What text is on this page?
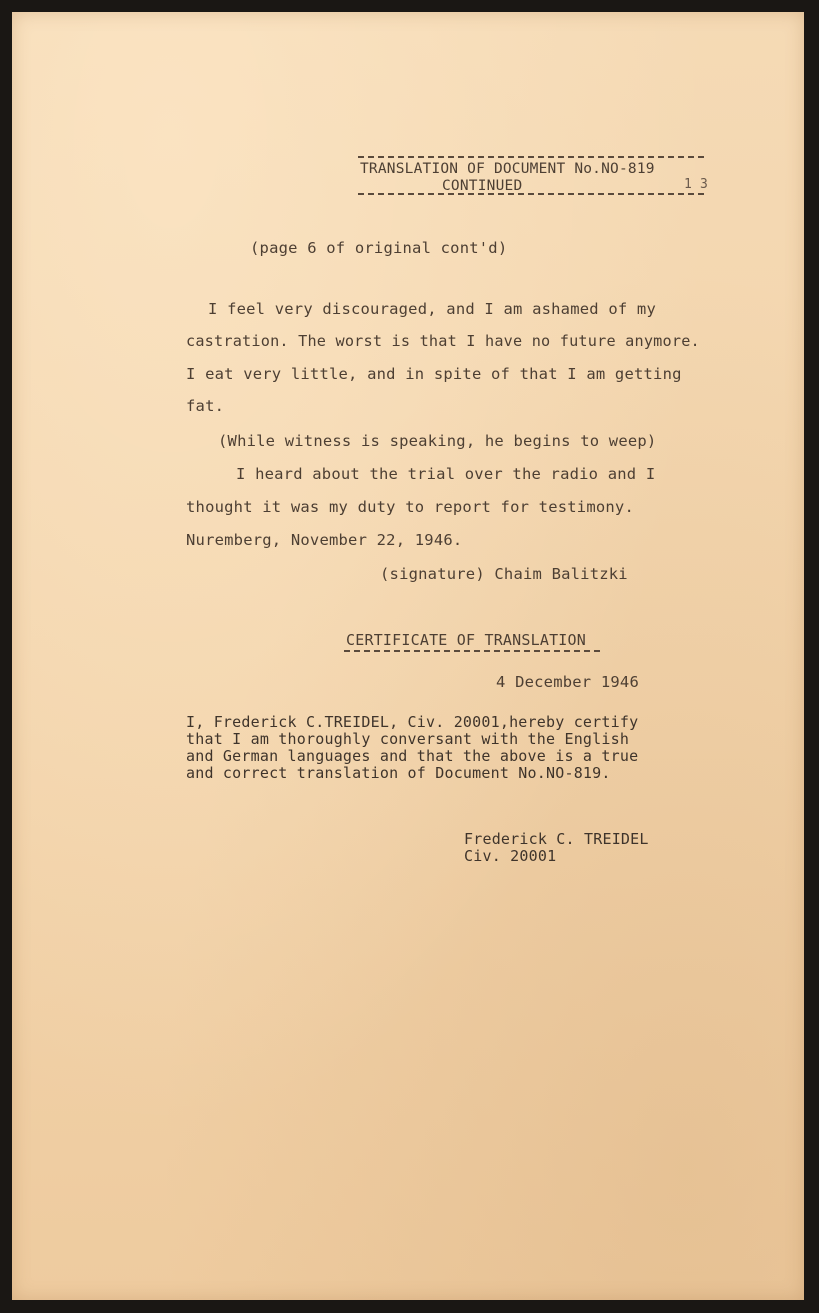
TRANSLATION OF DOCUMENT No.NO-819

CONTINUED	1 3

(page 6 of original cont'd)

I feel very discouraged, and I am ashamed of my

castration. The worst is that I have no future anymore.

I eat very little, and in spite of that I am getting

fat.

(While witness is speaking, he begins to weep)

I heard about the trial over the radio and I

thought it was my duty to report for testimony.

Nuremberg, November 22, 1946.

(signature) Chaim Balitzki

CERTIFICATE OF TRANSLATION

4 December 1946

I, Frederick C.TREIDEL, Civ. 20001,hereby certify

that I am thoroughly conversant with the English

and German languages and that the above is a true

and correct translation of Document No.NO-819.

Frederick C. TREIDEL

Civ. 20001
